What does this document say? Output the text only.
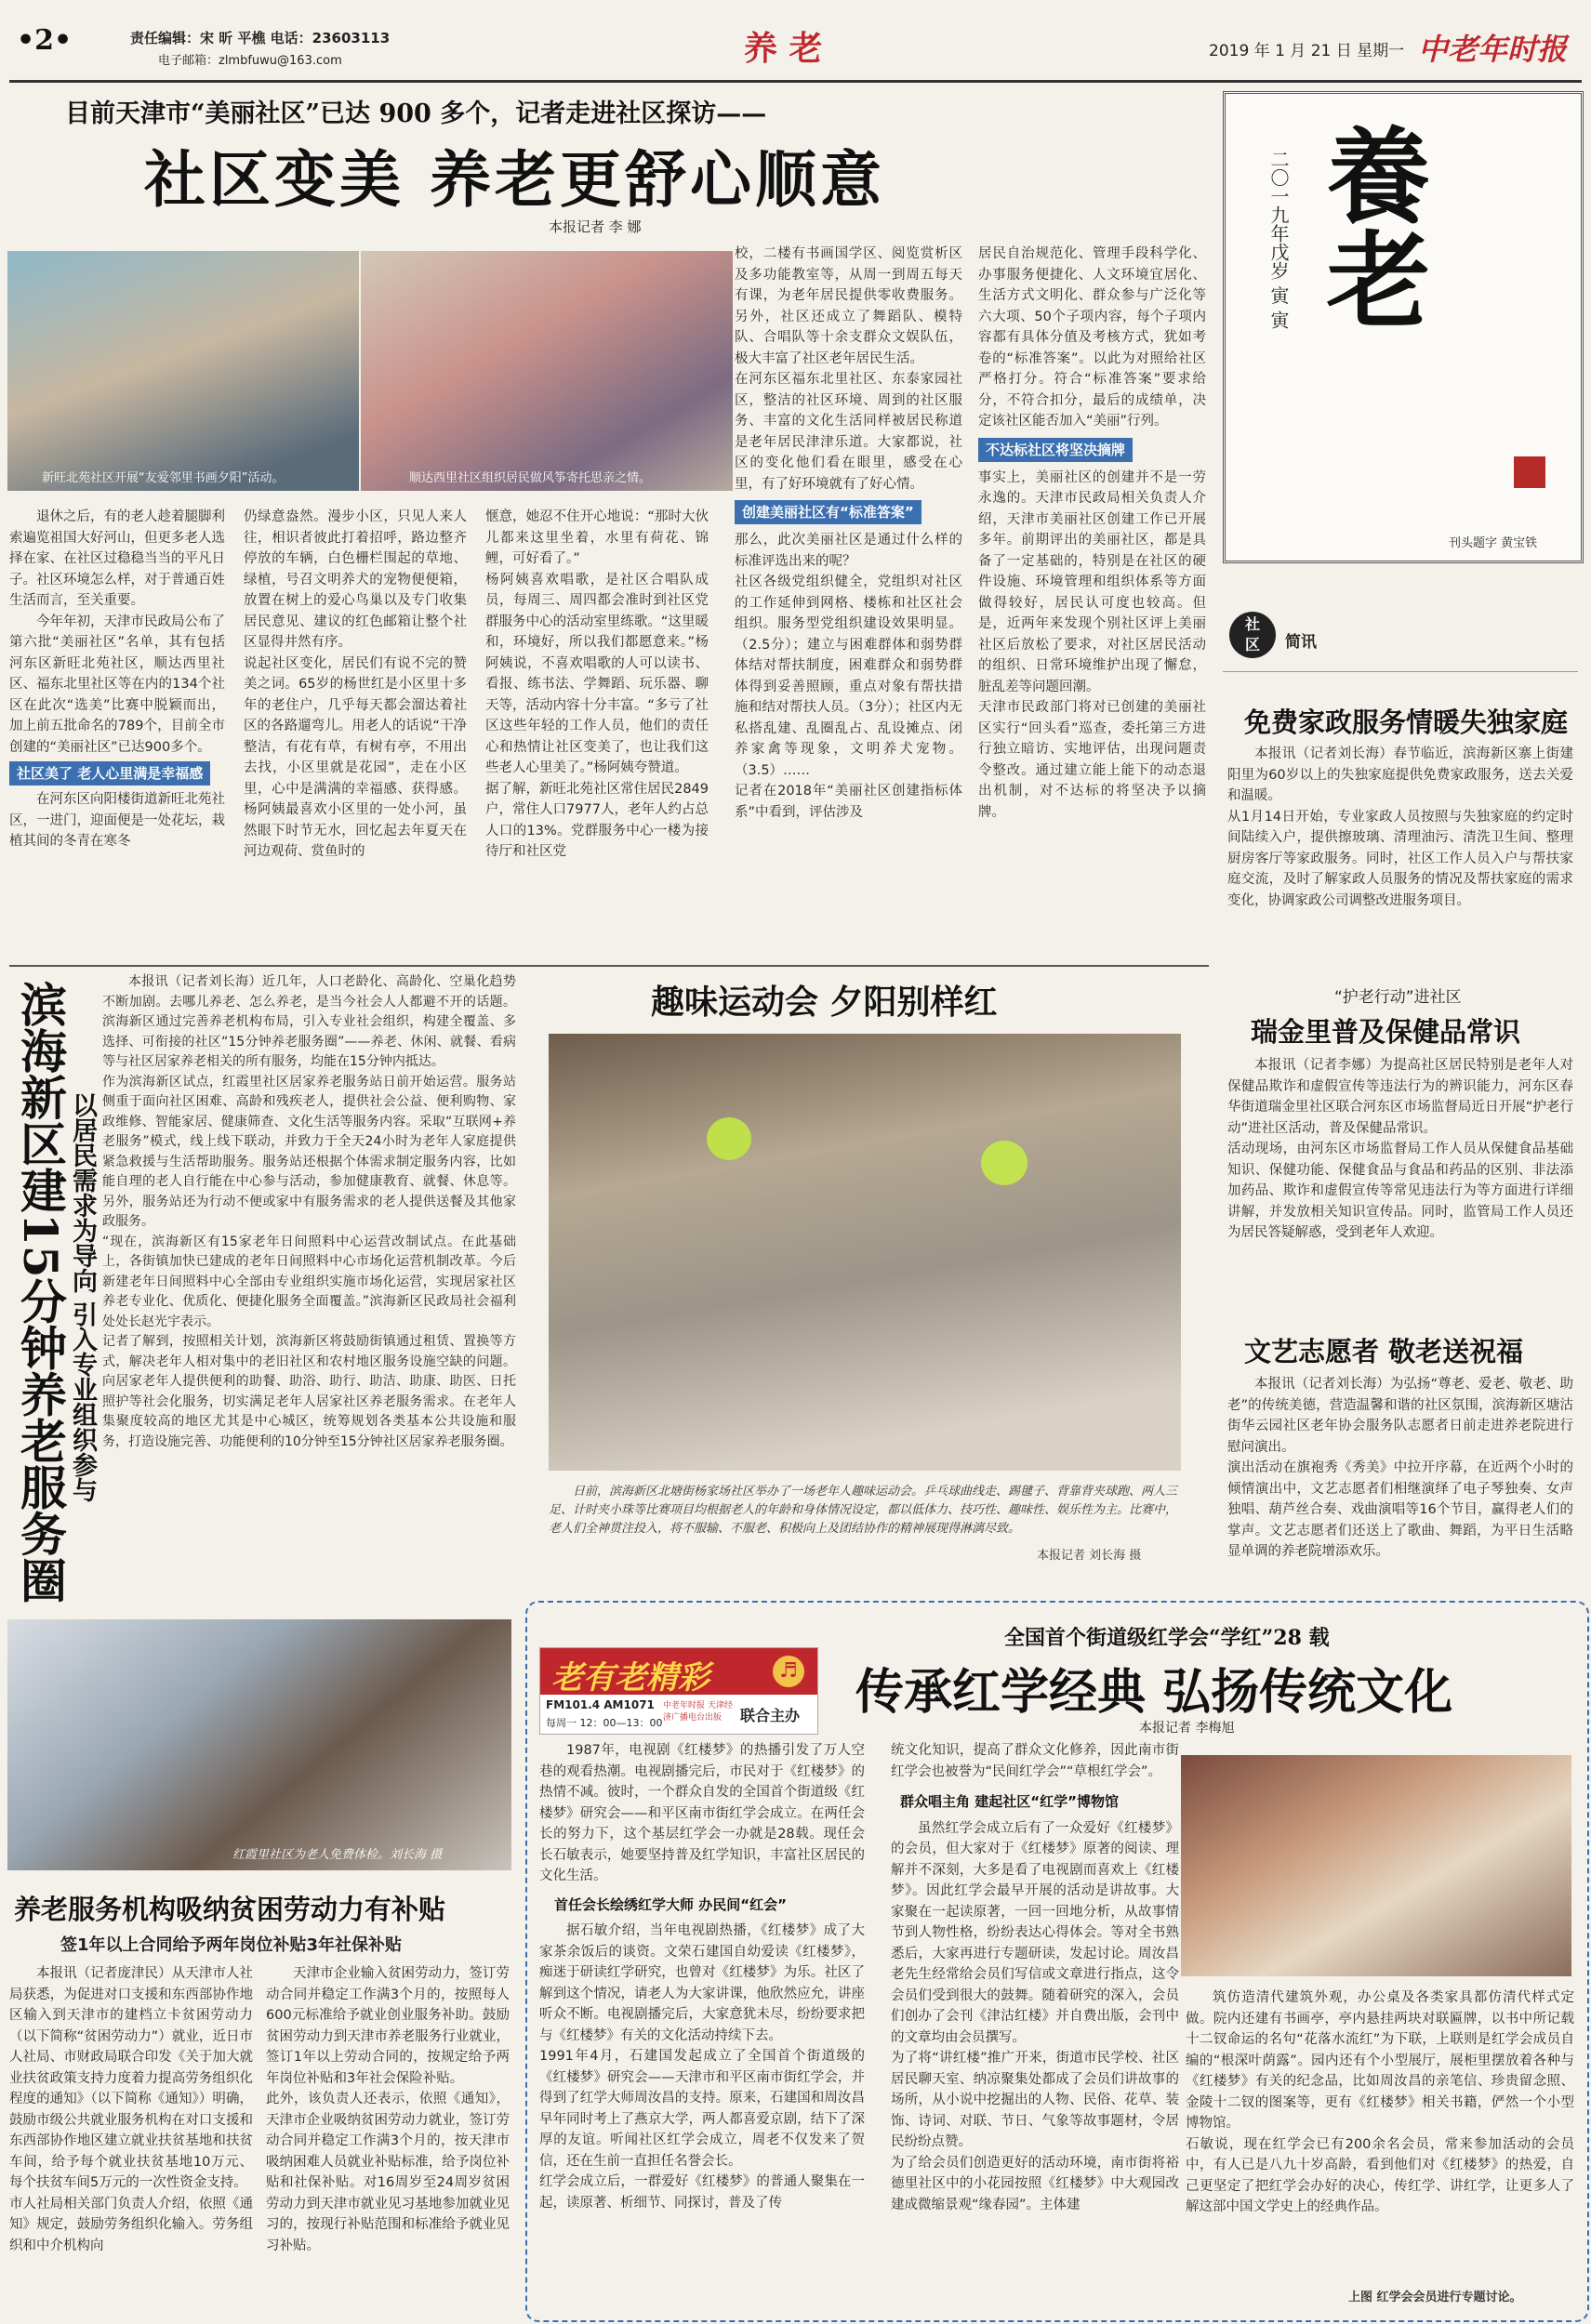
•2•	责任编辑：宋 昕 平樵 电话：23603113
电子邮箱：zlmbfuwu@163.com	养 老	2019 年 1 月 21 日 星期一 中老年时报
目前天津市“美丽社区”已达 900 多个，记者走进社区探访——
社区变美 养老更舒心顺意
本报记者 李 娜
新旺北苑社区开展“友爱邻里书画夕阳”活动。	顺达西里社区组织居民做风筝寄托思亲之情。
退休之后，有的老人趁着腿脚利索遍览祖国大好河山，但更多老人选择在家、在社区过稳稳当当的平凡日子。社区环境怎么样，对于普通百姓生活而言，至关重要。
今年年初，天津市民政局公布了第六批“美丽社区”名单，其有包括河东区新旺北苑社区，顺达西里社区、福东北里社区等在内的134个社区在此次“选美”比赛中脱颖而出，加上前五批命名的789个，目前全市创建的“美丽社区”已达900多个。
社区美了 老人心里满是幸福感
在河东区向阳楼街道新旺北苑社区，一进门，迎面便是一处花坛，栽植其间的冬青在寒冬
仍绿意盎然。漫步小区，只见人来人往，相识者彼此打着招呼，路边整齐停放的车辆，白色栅栏围起的草地、绿植，号召文明养犬的宠物便便箱，放置在树上的爱心鸟巢以及专门收集居民意见、建议的红色邮箱让整个社区显得井然有序。
说起社区变化，居民们有说不完的赞美之词。65岁的杨世红是小区里十多年的老住户，几乎每天都会溜达着社区的各路遛弯儿。用老人的话说“干净整洁，有花有草，有树有亭，不用出去找，小区里就是花园”，走在小区里，心中是满满的幸福感、获得感。杨阿姨最喜欢小区里的一处小河，虽然眼下时节无水，回忆起去年夏天在河边观荷、赏鱼时的
惬意，她忍不住开心地说：“那时大伙儿都来这里坐着，水里有荷花、锦鲤，可好看了。”
杨阿姨喜欢唱歌，是社区合唱队成员，每周三、周四都会准时到社区党群服务中心的活动室里练歌。“这里暖和，环境好，所以我们都愿意来。”杨阿姨说，不喜欢唱歌的人可以读书、看报、练书法、学舞蹈、玩乐器、聊天等，活动内容十分丰富。“多亏了社区这些年轻的工作人员，他们的责任心和热情让社区变美了，也让我们这些老人心里美了。”杨阿姨夸赞道。
据了解，新旺北苑社区常住居民2849户，常住人口7977人，老年人约占总人口的13%。党群服务中心一楼为接待厅和社区党
校，二楼有书画国学区、阅览赏析区及多功能教室等，从周一到周五每天有课，为老年居民提供零收费服务。另外，社区还成立了舞蹈队、模特队、合唱队等十余支群众文娱队伍，极大丰富了社区老年居民生活。
在河东区福东北里社区、东泰家园社区，整洁的社区环境、周到的社区服务、丰富的文化生活同样被居民称道是老年居民津津乐道。大家都说，社区的变化他们看在眼里，感受在心里，有了好环境就有了好心情。
创建美丽社区有“标准答案”
那么，此次美丽社区是通过什么样的标准评选出来的呢？
社区各级党组织健全，党组织对社区的工作延伸到网格、楼栋和社区社会组织。服务型党组织建设效果明显。（2.5分）；建立与困难群体和弱势群体结对帮扶制度，困难群众和弱势群体得到妥善照顾，重点对象有帮扶措施和结对帮扶人员。（3分）；社区内无私搭乱建、乱圈乱占、乱设摊点、闭养家禽等现象，文明养犬宠物。（3.5）……
记者在2018年“美丽社区创建指标体系”中看到，评估涉及
居民自治规范化、管理手段科学化、办事服务便捷化、人文环境宜居化、生活方式文明化、群众参与广泛化等六大项、50个子项内容，每个子项内容都有具体分值及考核方式，犹如考卷的“标准答案”。以此为对照给社区严格打分。符合“标准答案”要求给分，不符合扣分，最后的成绩单，决定该社区能否加入“美丽”行列。
不达标社区将坚决摘牌
事实上，美丽社区的创建并不是一劳永逸的。天津市民政局相关负责人介绍，天津市美丽社区创建工作已开展多年。前期评出的美丽社区，都是具备了一定基础的，特别是在社区的硬件设施、环境管理和组织体系等方面做得较好，居民认可度也较高。但是，近两年来发现个别社区评上美丽社区后放松了要求，对社区居民活动的组织、日常环境维护出现了懈怠，脏乱差等问题回潮。
天津市民政部门将对已创建的美丽社区实行“回头看”巡查，委托第三方进行独立暗访、实地评估，出现问题责令整改。通过建立能上能下的动态退出机制，对不达标的将坚决予以摘牌。
養老
二〇一九年戊岁 寅 寅
刊头题字 黄宝铁
社区	简讯
免费家政服务情暖失独家庭
本报讯（记者刘长海）春节临近，滨海新区寨上街建阳里为60岁以上的失独家庭提供免费家政服务，送去关爱和温暖。
从1月14日开始，专业家政人员按照与失独家庭的约定时间陆续入户，提供擦玻璃、清理油污、清洗卫生间、整理厨房客厅等家政服务。同时，社区工作人员入户与帮扶家庭交流，及时了解家政人员服务的情况及帮扶家庭的需求变化，协调家政公司调整改进服务项目。
“护老行动”进社区
瑞金里普及保健品常识
本报讯（记者李娜）为提高社区居民特别是老年人对保健品欺诈和虚假宣传等违法行为的辨识能力，河东区春华街道瑞金里社区联合河东区市场监督局近日开展“护老行动”进社区活动，普及保健品常识。
活动现场，由河东区市场监督局工作人员从保健食品基础知识、保健功能、保健食品与食品和药品的区别、非法添加药品、欺诈和虚假宣传等常见违法行为等方面进行详细讲解，并发放相关知识宣传品。同时，监管局工作人员还为居民答疑解惑，受到老年人欢迎。
文艺志愿者 敬老送祝福
本报讯（记者刘长海）为弘扬“尊老、爱老、敬老、助老”的传统美德，营造温馨和谐的社区氛围，滨海新区塘沽街华云园社区老年协会服务队志愿者日前走进养老院进行慰问演出。
演出活动在旗袍秀《秀美》中拉开序幕，在近两个小时的倾情演出中，文艺志愿者们相继演绎了电子琴独奏、女声独唱、葫芦丝合奏、戏曲演唱等16个节目，赢得老人们的掌声。文艺志愿者们还送上了歌曲、舞蹈，为平日生活略显单调的养老院增添欢乐。
滨海新区建15分钟养老服务圈 以居民需求为导向 引入专业组织参与
本报讯（记者刘长海）近几年，人口老龄化、高龄化、空巢化趋势不断加剧。去哪儿养老、怎么养老，是当今社会人人都避不开的话题。滨海新区通过完善养老机构布局，引入专业社会组织，构建全覆盖、多选择、可衔接的社区“15分钟养老服务圈”——养老、休闲、就餐、看病等与社区居家养老相关的所有服务，均能在15分钟内抵达。
作为滨海新区试点，红霞里社区居家养老服务站日前开始运营。服务站侧重于面向社区困难、高龄和残疾老人，提供社会公益、便利购物、家政维修、智能家居、健康筛查、文化生活等服务内容。采取“互联网+养老服务”模式，线上线下联动，并致力于全天24小时为老年人家庭提供紧急救援与生活帮助服务。服务站还根据个体需求制定服务内容，比如能自理的老人自行能在中心参与活动，参加健康教育、就餐、休息等。另外，服务站还为行动不便或家中有服务需求的老人提供送餐及其他家政服务。
“现在，滨海新区有15家老年日间照料中心运营改制试点。在此基础上，各街镇加快已建成的老年日间照料中心市场化运营机制改革。今后新建老年日间照料中心全部由专业组织实施市场化运营，实现居家社区养老专业化、优质化、便捷化服务全面覆盖。”滨海新区民政局社会福利处处长赵光宇表示。
记者了解到，按照相关计划，滨海新区将鼓励街镇通过租赁、置换等方式，解决老年人相对集中的老旧社区和农村地区服务设施空缺的问题。向居家老年人提供便利的助餐、助浴、助行、助洁、助康、助医、日托照护等社会化服务，切实满足老年人居家社区养老服务需求。在老年人集聚度较高的地区尤其是中心城区，统筹规划各类基本公共设施和服务，打造设施完善、功能便利的10分钟至15分钟社区居家养老服务圈。
红霞里社区为老人免费体检。刘长海 摄
趣味运动会 夕阳别样红
日前，滨海新区北塘街杨家场社区举办了一场老年人趣味运动会。乒乓球曲线走、踢毽子、背靠背夹球跑、两人三足、计时夹小珠等比赛项目均根据老人的年龄和身体情况设定，都以低体力、技巧性、趣味性、娱乐性为主。比赛中，老人们全神贯注投入，将不服输、不服老、积极向上及团结协作的精神展现得淋漓尽致。
本报记者 刘长海 摄
养老服务机构吸纳贫困劳动力有补贴
签1年以上合同给予两年岗位补贴3年社保补贴
本报讯（记者庞津民）从天津市人社局获悉，为促进对口支援和东西部协作地区输入到天津市的建档立卡贫困劳动力（以下简称“贫困劳动力”）就业，近日市人社局、市财政局联合印发《关于加大就业扶贫政策支持力度着力提高劳务组织化程度的通知》（以下简称《通知》）明确，鼓励市级公共就业服务机构在对口支援和东西部协作地区建立就业扶贫基地和扶贫车间，给予每个就业扶贫基地10万元、每个扶贫车间5万元的一次性资金支持。
市人社局相关部门负责人介绍，依照《通知》规定，鼓励劳务组织化输入。劳务组织和中介机构向
天津市企业输入贫困劳动力，签订劳动合同并稳定工作满3个月的，按照每人600元标准给予就业创业服务补助。鼓励贫困劳动力到天津市养老服务行业就业，签订1年以上劳动合同的，按规定给予两年岗位补贴和3年社会保险补贴。
此外，该负责人还表示，依照《通知》，天津市企业吸纳贫困劳动力就业，签订劳动合同并稳定工作满3个月的，按天津市吸纳困难人员就业补贴标准，给予岗位补贴和社保补贴。对16周岁至24周岁贫困劳动力到天津市就业见习基地参加就业见习的，按现行补贴范围和标准给予就业见习补贴。
老有老精彩	♬
FM101.4 AM1071
每周一 12：00—13：00
中老年时报 天津经济广播电台出版	联合主办
全国首个街道级红学会“学红”28 载
传承红学经典 弘扬传统文化
本报记者 李梅旭
1987年，电视剧《红楼梦》的热播引发了万人空巷的观看热潮。电视剧播完后，市民对于《红楼梦》的热情不减。彼时，一个群众自发的全国首个街道级《红楼梦》研究会——和平区南市街红学会成立。在两任会长的努力下，这个基层红学会一办就是28载。现任会长石敏表示，她要坚持普及红学知识，丰富社区居民的文化生活。
首任会长绘绣红学大师 办民间“红会”
据石敏介绍，当年电视剧热播，《红楼梦》成了大家茶余饭后的谈资。文荣石建国自幼爱读《红楼梦》，痴迷于研读红学研究，也曾对《红楼梦》为乐。社区了解到这个情况，请老人为大家讲课，他欣然应允，讲座听众不断。电视剧播完后，大家意犹未尽，纷纷要求把与《红楼梦》有关的文化活动持续下去。
1991年4月，石建国发起成立了全国首个街道级的《红楼梦》研究会——天津市和平区南市街红学会，并得到了红学大师周汝昌的支持。原来，石建国和周汝昌早年同时考上了燕京大学，两人都喜爱京剧，结下了深厚的友谊。听闻社区红学会成立，周老不仅发来了贺信，还在生前一直担任名誉会长。
红学会成立后，一群爱好《红楼梦》的普通人聚集在一起，读原著、析细节、同探讨，普及了传
统文化知识，提高了群众文化修养，因此南市街红学会也被誉为“民间红学会”“草根红学会”。
群众唱主角 建起社区“红学”博物馆
虽然红学会成立后有了一众爱好《红楼梦》的会员，但大家对于《红楼梦》原著的阅读、理解并不深刻，大多是看了电视剧而喜欢上《红楼梦》。因此红学会最早开展的活动是讲故事。大家聚在一起读原著，一回一回地分析，从故事情节到人物性格，纷纷表达心得体会。等对全书熟悉后，大家再进行专题研读，发起讨论。周汝昌老先生经常给会员们写信或文章进行指点，这令会员们受到很大的鼓舞。随着研究的深入，会员们创办了会刊《津沽红楼》并自费出版，会刊中的文章均由会员撰写。
为了将“讲红楼”推广开来，街道市民学校、社区居民聊天室、纳凉聚集处都成了会员们讲故事的场所，从小说中挖掘出的人物、民俗、花草、装饰、诗词、对联、节日、气象等故事题材，令居民纷纷点赞。
为了给会员们创造更好的活动环境，南市街将裕德里社区中的小花园按照《红楼梦》中大观园改建成微缩景观“缘春园”。主体建
筑仿造清代建筑外观，办公桌及各类家具都仿清代样式定做。院内还建有书画亭，亭内悬挂两块对联匾牌，以书中所记载十二钗命运的名句“花落水流红”为下联，上联则是红学会成员自编的“根深叶荫露”。园内还有个小型展厅，展柜里摆放着各种与《红楼梦》有关的纪念品，比如周汝昌的亲笔信、珍贵留念照、金陵十二钗的图案等，更有《红楼梦》相关书籍，俨然一个小型博物馆。
石敏说，现在红学会已有200余名会员，常来参加活动的会员中，有人已是八九十岁高龄，看到他们对《红楼梦》的热爱，自己更坚定了把红学会办好的决心，传红学、讲红学，让更多人了解这部中国文学史上的经典作品。
上图 红学会会员进行专题讨论。
